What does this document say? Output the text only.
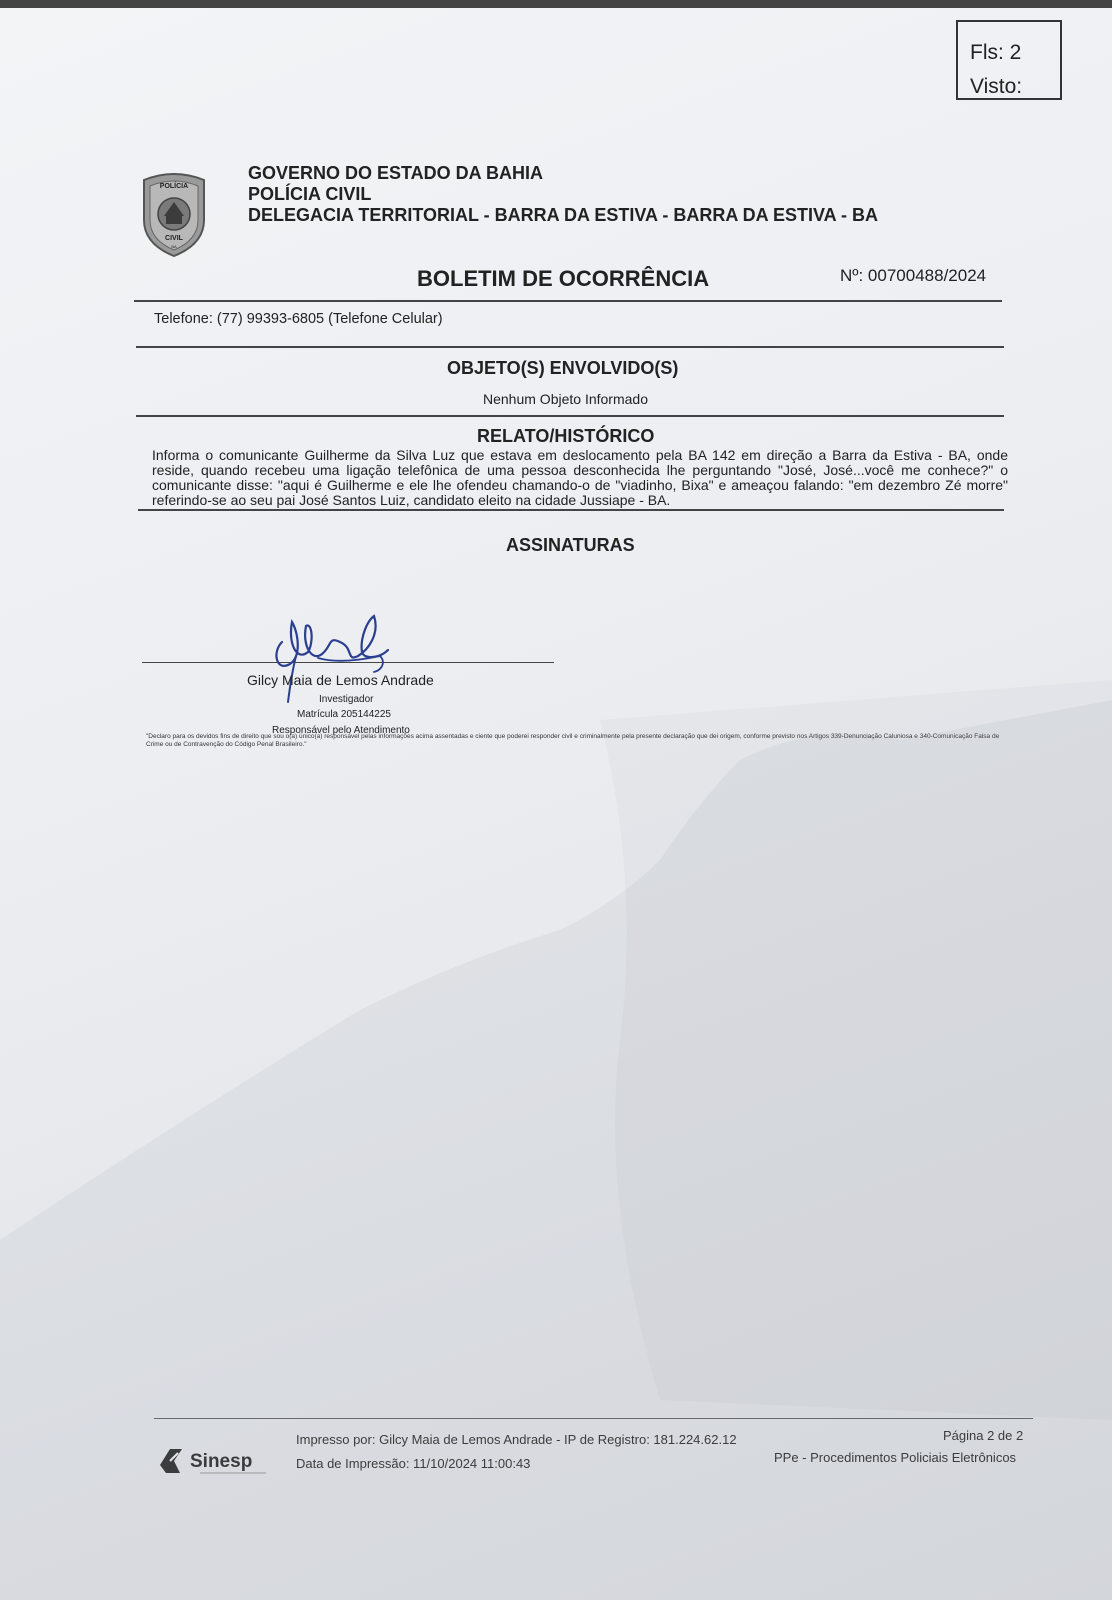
Fls: 2
Visto:
POLÍCIA
CIVIL
BA
GOVERNO DO ESTADO DA BAHIA
POLÍCIA CIVIL
DELEGACIA TERRITORIAL - BARRA DA ESTIVA - BARRA DA ESTIVA - BA
BOLETIM DE OCORRÊNCIA	Nº: 00700488/2024
Telefone: (77) 99393-6805 (Telefone Celular)
OBJETO(S) ENVOLVIDO(S)
Nenhum Objeto Informado
RELATO/HISTÓRICO
Informa o comunicante Guilherme da Silva Luz que estava em deslocamento pela BA 142 em direção a Barra da Estiva - BA, onde reside, quando recebeu uma ligação telefônica de uma pessoa desconhecida lhe perguntando "José, José...você me conhece?" o comunicante disse: "aqui é Guilherme e ele lhe ofendeu chamando-o de "viadinho, Bixa" e ameaçou falando: "em dezembro Zé morre" referindo-se ao seu pai José Santos Luiz, candidato eleito na cidade Jussiape - BA.
ASSINATURAS
Gilcy Maia de Lemos Andrade
Investigador
Matrícula 205144225
Responsável pelo Atendimento
"Declaro para os devidos fins de direito que sou o(a) único(a) responsável pelas informações acima assentadas e ciente que poderei responder civil e criminalmente pela presente declaração que dei origem, conforme previsto nos Artigos 339-Denunciação Caluniosa e 340-Comunicação Falsa de Crime ou de Contravenção do Código Penal Brasileiro."
Sinesp
Impresso por: Gilcy Maia de Lemos Andrade - IP de Registro: 181.224.62.12
Data de Impressão: 11/10/2024 11:00:43
Página 2 de 2
PPe - Procedimentos Policiais Eletrônicos
